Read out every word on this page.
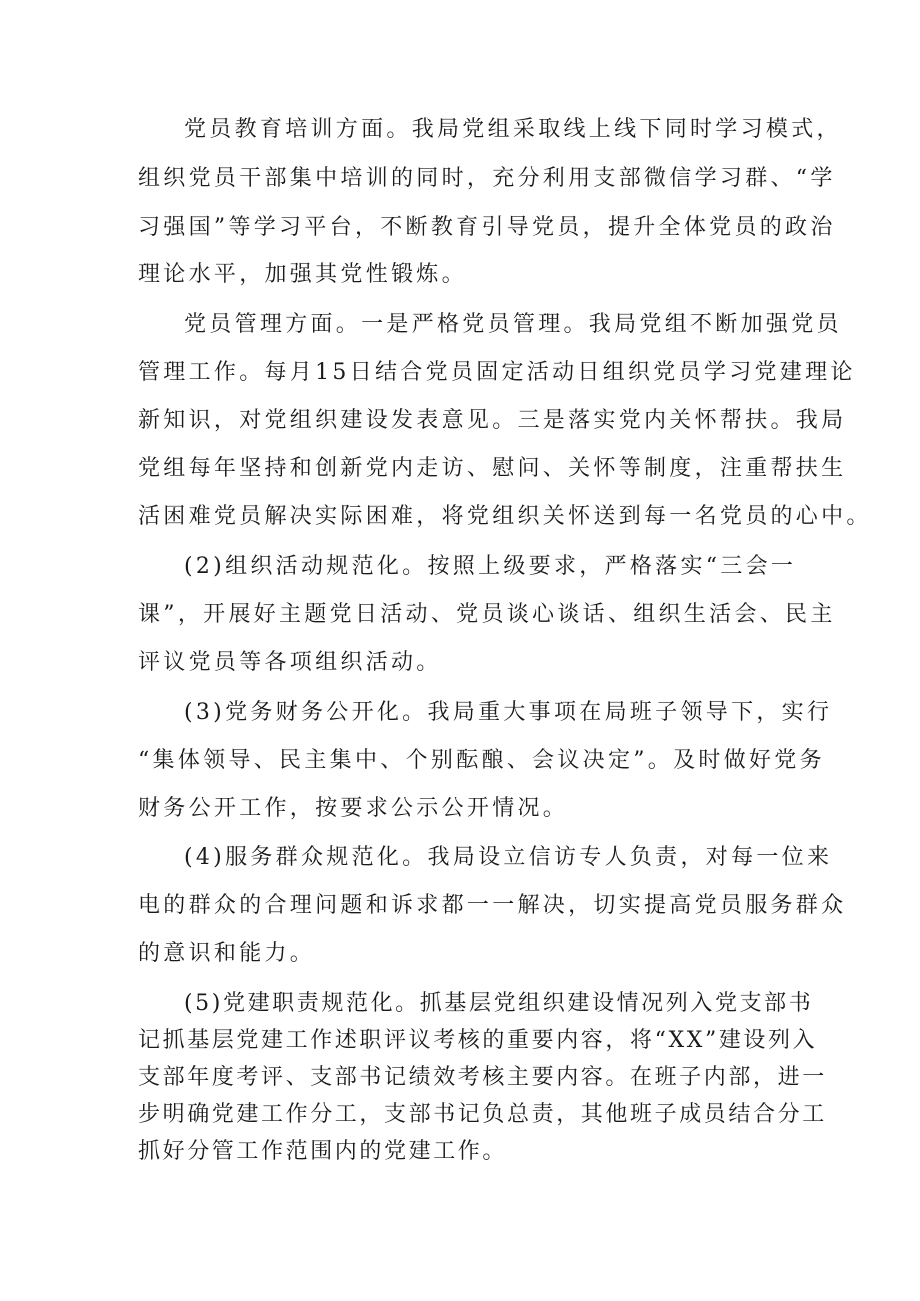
党员教育培训方面。我局党组采取线上线下同时学习模式，

组织党员干部集中培训的同时，充分利用支部微信学习群、“学

习强国”等学习平台，不断教育引导党员，提升全体党员的政治

理论水平，加强其党性锻炼。

党员管理方面。一是严格党员管理。我局党组不断加强党员

管理工作。每月15日结合党员固定活动日组织党员学习党建理论

新知识，对党组织建设发表意见。三是落实党内关怀帮扶。我局

党组每年坚持和创新党内走访、慰问、关怀等制度，注重帮扶生

活困难党员解决实际困难，将党组织关怀送到每一名党员的心中。

(2)组织活动规范化。按照上级要求，严格落实“三会一

课”，开展好主题党日活动、党员谈心谈话、组织生活会、民主

评议党员等各项组织活动。

(3)党务财务公开化。我局重大事项在局班子领导下，实行

“集体领导、民主集中、个别酝酿、会议决定”。及时做好党务

财务公开工作，按要求公示公开情况。

(4)服务群众规范化。我局设立信访专人负责，对每一位来

电的群众的合理问题和诉求都一一解决，切实提高党员服务群众

的意识和能力。

(5)党建职责规范化。抓基层党组织建设情况列入党支部书

记抓基层党建工作述职评议考核的重要内容，将“XX”建设列入

支部年度考评、支部书记绩效考核主要内容。在班子内部，进一

步明确党建工作分工，支部书记负总责，其他班子成员结合分工

抓好分管工作范围内的党建工作。
